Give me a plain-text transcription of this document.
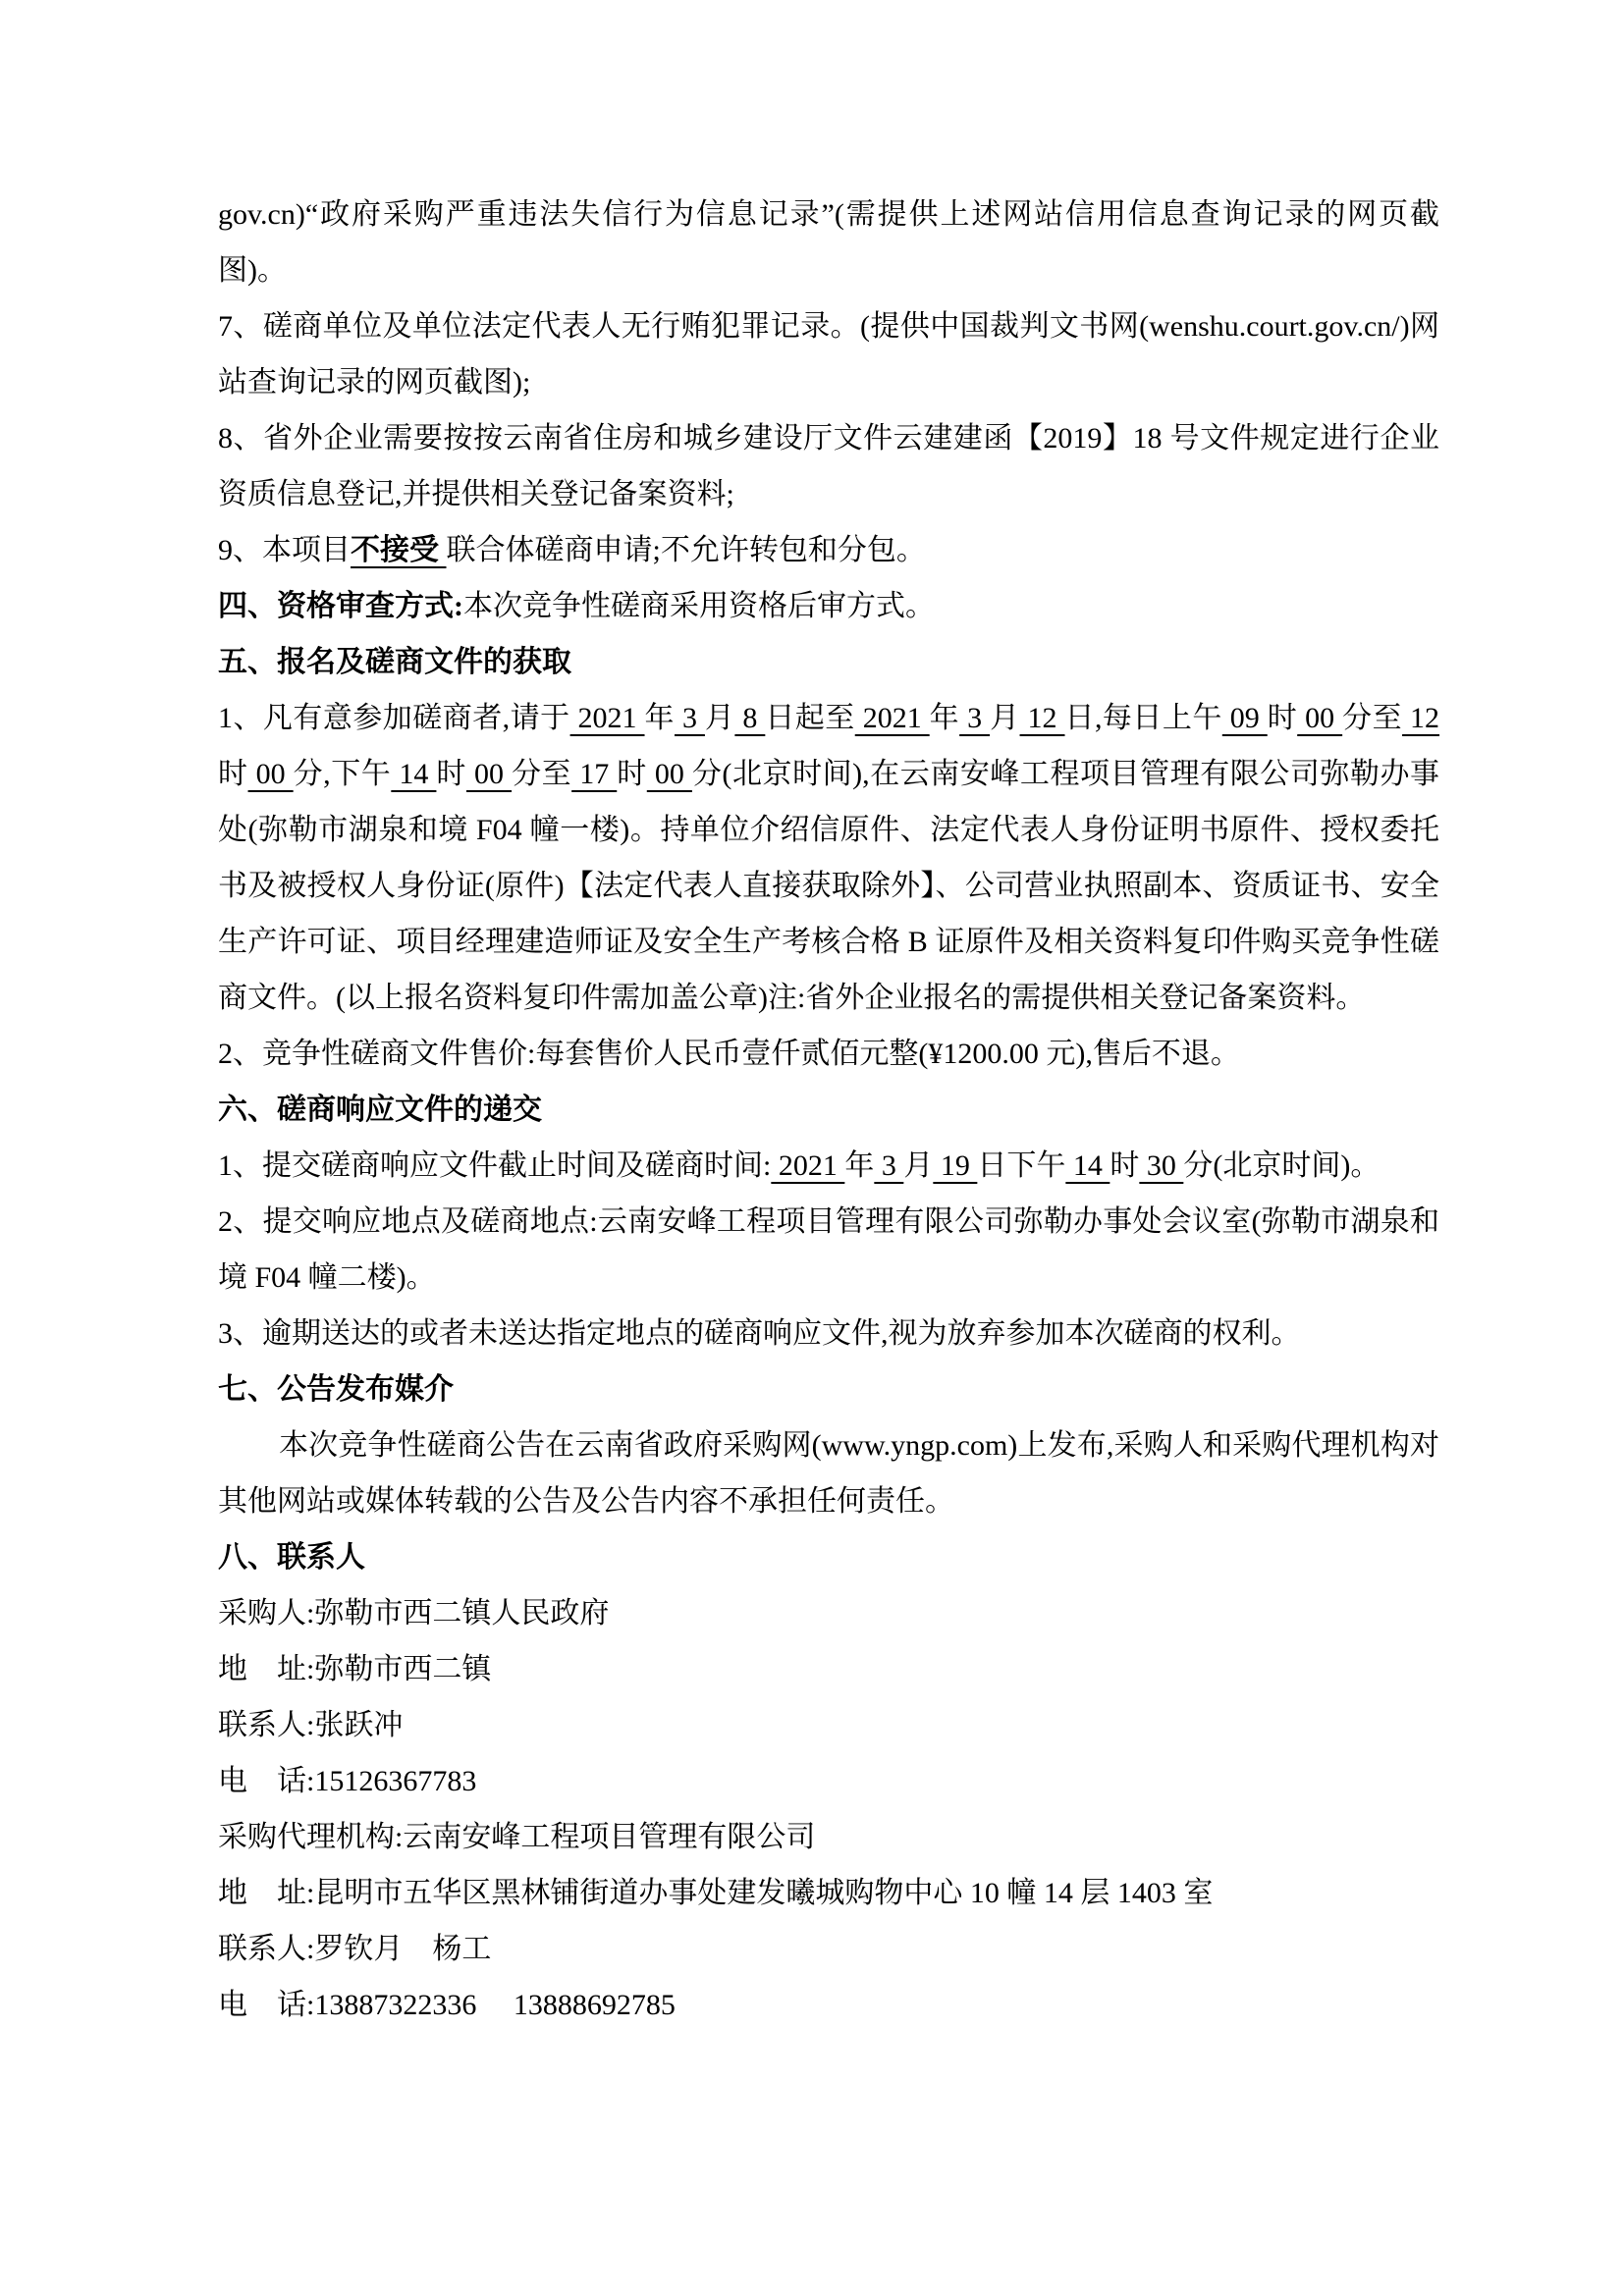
gov.cn)“政府采购严重违法失信行为信息记录”(需提供上述网站信用信息查询记录的网页截图)。

7、磋商单位及单位法定代表人无行贿犯罪记录。(提供中国裁判文书网(wenshu.court.gov.cn/)网站查询记录的网页截图);

8、省外企业需要按按云南省住房和城乡建设厅文件云建建函【2019】18 号文件规定进行企业资质信息登记,并提供相关登记备案资料;

9、本项目不接受 联合体磋商申请;不允许转包和分包。

四、资格审查方式:本次竞争性磋商采用资格后审方式。

五、报名及磋商文件的获取

1、凡有意参加磋商者,请于 2021 年 3 月 8 日起至 2021 年 3 月 12 日,每日上午 09 时 00 分至 12 时 00 分,下午 14 时 00 分至 17 时 00 分(北京时间),在云南安峰工程项目管理有限公司弥勒办事处(弥勒市湖泉和境 F04 幢一楼)。持单位介绍信原件、法定代表人身份证明书原件、授权委托书及被授权人身份证(原件)【法定代表人直接获取除外】、公司营业执照副本、资质证书、安全生产许可证、项目经理建造师证及安全生产考核合格 B 证原件及相关资料复印件购买竞争性磋商文件。(以上报名资料复印件需加盖公章)注:省外企业报名的需提供相关登记备案资料。

2、竞争性磋商文件售价:每套售价人民币壹仟贰佰元整(¥1200.00 元),售后不退。

六、磋商响应文件的递交

1、提交磋商响应文件截止时间及磋商时间: 2021 年 3 月 19 日下午 14 时 30 分(北京时间)。

2、提交响应地点及磋商地点:云南安峰工程项目管理有限公司弥勒办事处会议室(弥勒市湖泉和境 F04 幢二楼)。

3、逾期送达的或者未送达指定地点的磋商响应文件,视为放弃参加本次磋商的权利。

七、公告发布媒介

本次竞争性磋商公告在云南省政府采购网(www.yngp.com)上发布,采购人和采购代理机构对其他网站或媒体转载的公告及公告内容不承担任何责任。

八、联系人

采购人:弥勒市西二镇人民政府

地　址:弥勒市西二镇

联系人:张跃冲

电　话:15126367783

采购代理机构:云南安峰工程项目管理有限公司

地　址:昆明市五华区黑林铺街道办事处建发曦城购物中心 10 幢 14 层 1403 室

联系人:罗钦月　杨工

电　话:13887322336　 13888692785
